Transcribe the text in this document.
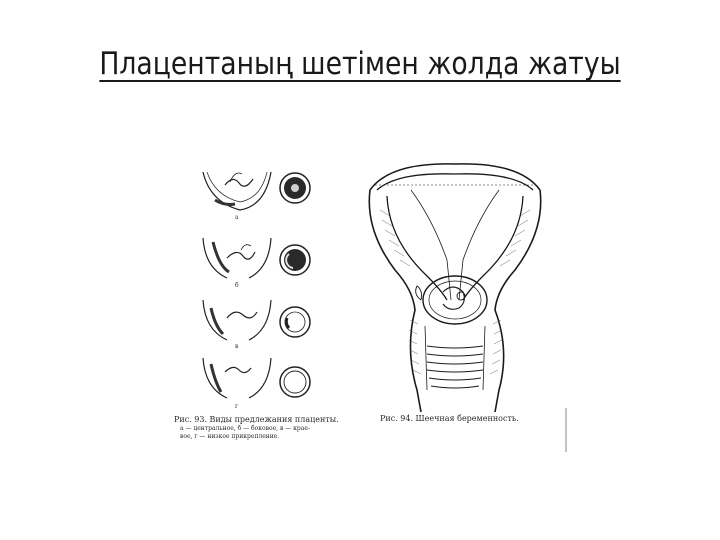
Плацентаның шетімен жолда жатуы
а
б
в
г
Рис. 93. Виды предлежания плаценты.
а — центральное, б — боковое, в — крае-
вое, г — низкое прикрепление.
Рис. 94. Шеечная беременность.
